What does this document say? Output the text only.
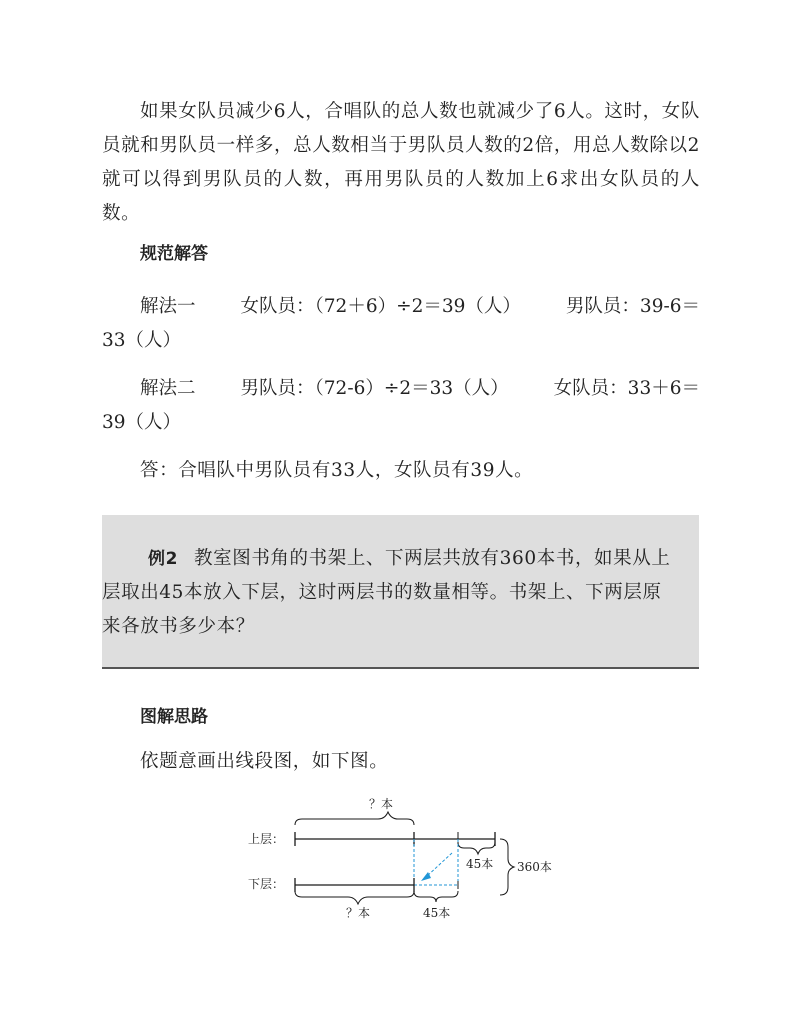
如果女队员减少6人，合唱队的总人数也就减少了6人。这时，女队员就和男队员一样多，总人数相当于男队员人数的2倍，用总人数除以2就可以得到男队员的人数，再用男队员的人数加上6求出女队员的人数。

规范解答

解法一 女队员：（72＋6）÷2＝39（人） 男队员：39-6＝
33（人）
解法二 男队员：（72-6）÷2＝33（人） 女队员：33＋6＝
39（人）

答：合唱队中男队员有33人，女队员有39人。

例2 教室图书角的书架上、下两层共放有360本书，如果从上
层取出45本放入下层，这时两层书的数量相等。书架上、下两层原
来各放书多少本？

图解思路

依题意画出线段图，如下图。

？本
上层：
45本 360本
下层：
？本	45本
